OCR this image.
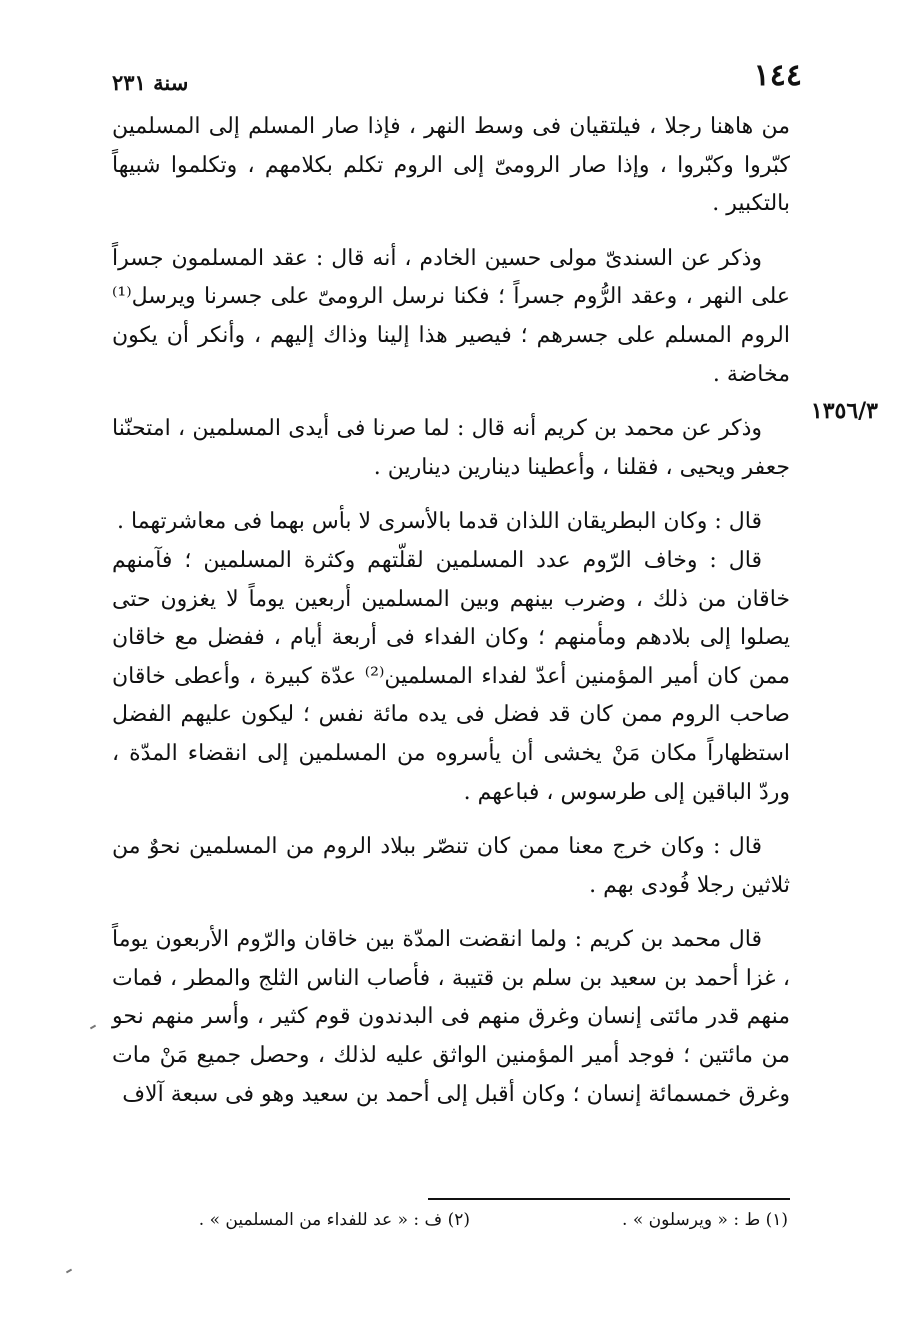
١٤٤
سنة ٢٣١

من هاهنا رجلا ، فيلتقيان فى وسط النهر ، فإذا صار المسلم إلى المسلمين كبّروا وكبّروا ، وإذا صار الرومىّ إلى الروم تكلم بكلامهم ، وتكلموا شبيهاً بالتكبير .

وذكر عن السندىّ مولى حسين الخادم ، أنه قال : عقد المسلمون جسراً على النهر ، وعقد الرُّوم جسراً ؛ فكنا نرسل الرومىّ على جسرنا ويرسل⁽¹⁾ الروم المسلم على جسرهم ؛ فيصير هذا إلينا وذاك إليهم ، وأنكر أن يكون مخاضة .

وذكر عن محمد بن كريم أنه قال : لما صرنا فى أيدى المسلمين ، امتحنّنا جعفر ويحيى ، فقلنا ، وأعطينا دينارين دينارين .

قال : وكان البطريقان اللذان قدما بالأسرى لا بأس بهما فى معاشرتهما .

قال : وخاف الرّوم عدد المسلمين لقلّتهم وكثرة المسلمين ؛ فآمنهم خاقان من ذلك ، وضرب بينهم وبين المسلمين أربعين يوماً لا يغزون حتى يصلوا إلى بلادهم ومأمنهم ؛ وكان الفداء فى أربعة أيام ، ففضل مع خاقان ممن كان أمير المؤمنين أعدّ لفداء المسلمين⁽²⁾ عدّة كبيرة ، وأعطى خاقان صاحب الروم ممن كان قد فضل فى يده مائة نفس ؛ ليكون عليهم الفضل استظهاراً مكان مَنْ يخشى أن يأسروه من المسلمين إلى انقضاء المدّة ، وردّ الباقين إلى طرسوس ، فباعهم .

قال : وكان خرج معنا ممن كان تنصّر ببلاد الروم من المسلمين نحوٌ من ثلاثين رجلا فُودى بهم .

قال محمد بن كريم : ولما انقضت المدّة بين خاقان والرّوم الأربعون يوماً ، غزا أحمد بن سعيد بن سلم بن قتيبة ، فأصاب الناس الثلج والمطر ، فمات منهم قدر مائتى إنسان وغرق منهم فى البدندون قوم كثير ، وأسر منهم نحو من مائتين ؛ فوجد أمير المؤمنين الواثق عليه لذلك ، وحصل جميع مَنْ مات وغرق خمسمائة إنسان ؛ وكان أقبل إلى أحمد بن سعيد وهو فى سبعة آلاف

١٣٥٦/٣
(١) ط : « ويرسلون » .
(٢) ف : « عد للفداء من المسلمين » .
